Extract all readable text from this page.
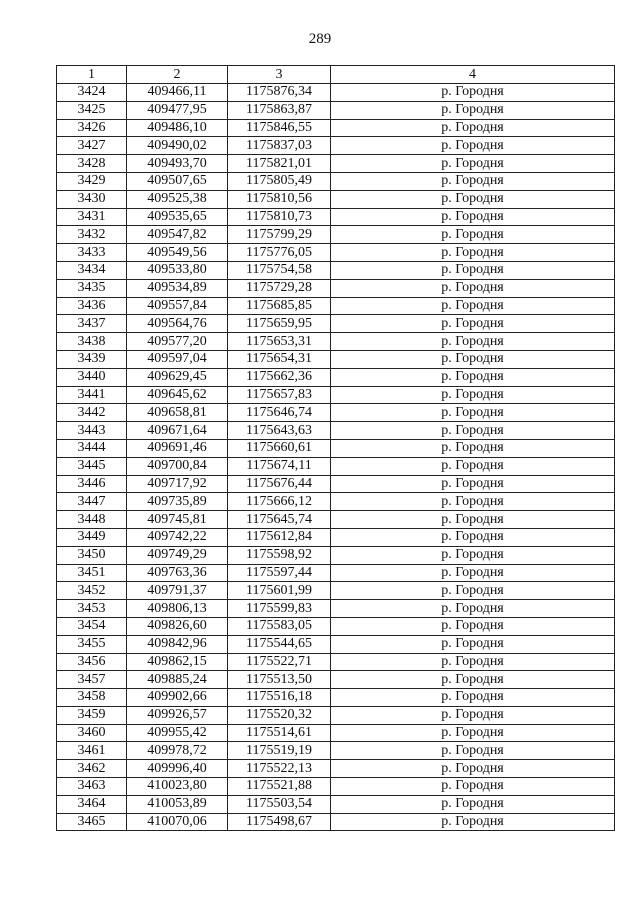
289
1	2	3	4
3424	409466,11	1175876,34	р. Городня
3425	409477,95	1175863,87	р. Городня
3426	409486,10	1175846,55	р. Городня
3427	409490,02	1175837,03	р. Городня
3428	409493,70	1175821,01	р. Городня
3429	409507,65	1175805,49	р. Городня
3430	409525,38	1175810,56	р. Городня
3431	409535,65	1175810,73	р. Городня
3432	409547,82	1175799,29	р. Городня
3433	409549,56	1175776,05	р. Городня
3434	409533,80	1175754,58	р. Городня
3435	409534,89	1175729,28	р. Городня
3436	409557,84	1175685,85	р. Городня
3437	409564,76	1175659,95	р. Городня
3438	409577,20	1175653,31	р. Городня
3439	409597,04	1175654,31	р. Городня
3440	409629,45	1175662,36	р. Городня
3441	409645,62	1175657,83	р. Городня
3442	409658,81	1175646,74	р. Городня
3443	409671,64	1175643,63	р. Городня
3444	409691,46	1175660,61	р. Городня
3445	409700,84	1175674,11	р. Городня
3446	409717,92	1175676,44	р. Городня
3447	409735,89	1175666,12	р. Городня
3448	409745,81	1175645,74	р. Городня
3449	409742,22	1175612,84	р. Городня
3450	409749,29	1175598,92	р. Городня
3451	409763,36	1175597,44	р. Городня
3452	409791,37	1175601,99	р. Городня
3453	409806,13	1175599,83	р. Городня
3454	409826,60	1175583,05	р. Городня
3455	409842,96	1175544,65	р. Городня
3456	409862,15	1175522,71	р. Городня
3457	409885,24	1175513,50	р. Городня
3458	409902,66	1175516,18	р. Городня
3459	409926,57	1175520,32	р. Городня
3460	409955,42	1175514,61	р. Городня
3461	409978,72	1175519,19	р. Городня
3462	409996,40	1175522,13	р. Городня
3463	410023,80	1175521,88	р. Городня
3464	410053,89	1175503,54	р. Городня
3465	410070,06	1175498,67	р. Городня
